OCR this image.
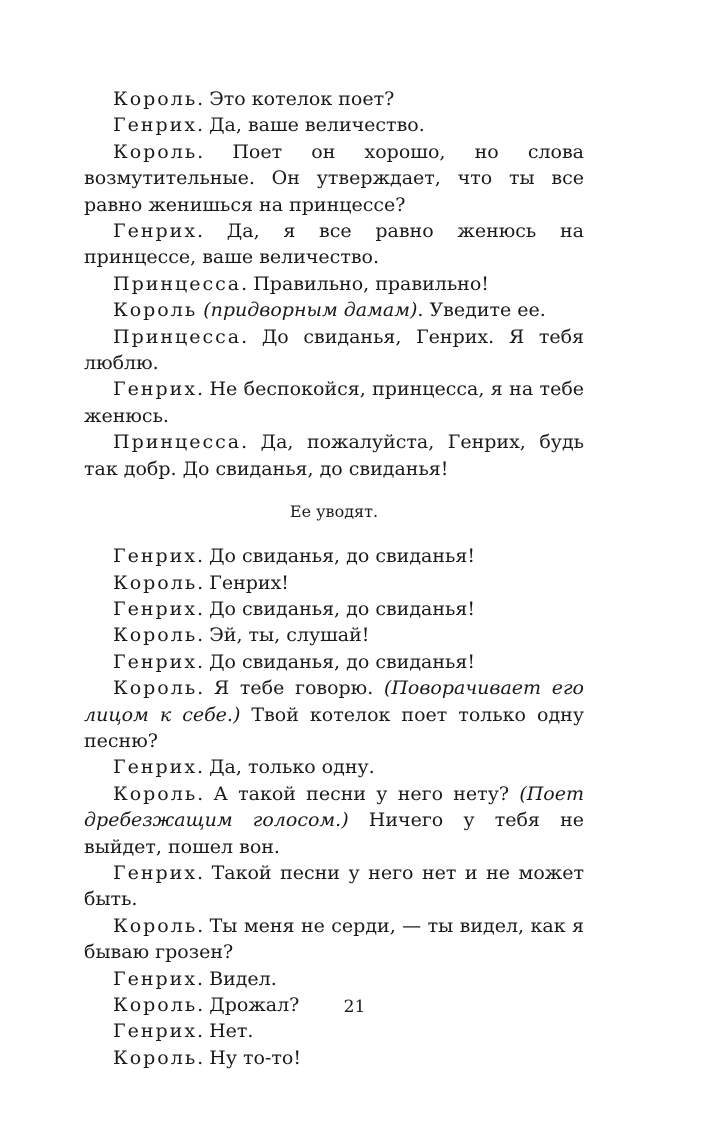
Король. Это котелок поет?

Генрих. Да, ваше величество.

Король. Поет он хорошо, но слова возмутительные. Он утверждает, что ты все равно женишься на принцессе?

Генрих. Да, я все равно женюсь на принцессе, ваше величество.

Принцесса. Правильно, правильно!

Король (придворным дамам). Уведите ее.

Принцесса. До свиданья, Генрих. Я тебя люблю.

Генрих. Не беспокойся, принцесса, я на тебе женюсь.

Принцесса. Да, пожалуйста, Генрих, будь так добр. До свиданья, до свиданья!

Ее уводят.

Генрих. До свиданья, до свиданья!

Король. Генрих!

Генрих. До свиданья, до свиданья!

Король. Эй, ты, слушай!

Генрих. До свиданья, до свиданья!

Король. Я тебе говорю. (Поворачивает его лицом к себе.) Твой котелок поет только одну песню?

Генрих. Да, только одну.

Король. А такой песни у него нету? (Поет дребезжащим голосом.) Ничего у тебя не выйдет, пошел вон.

Генрих. Такой песни у него нет и не может быть.

Король. Ты меня не серди, — ты видел, как я бываю грозен?

Генрих. Видел.

Король. Дрожал?

Генрих. Нет.

Король. Ну то-то!

21
